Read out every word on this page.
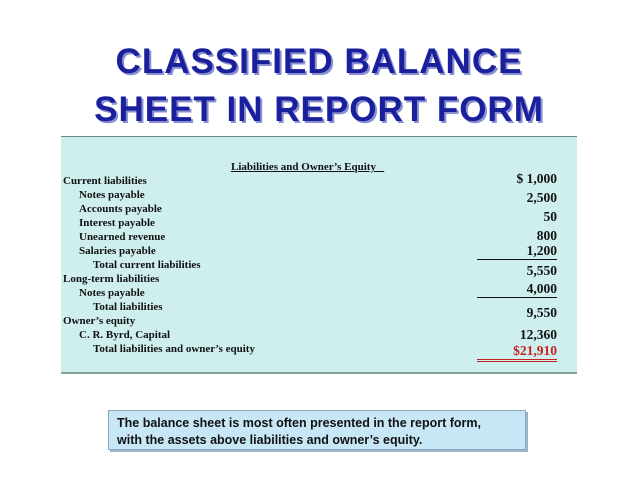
CLASSIFIED BALANCE
SHEET IN REPORT FORM
Liabilities and Owner’s Equity
Current liabilities
Notes payable
Accounts payable
Interest payable
Unearned revenue
Salaries payable
Total current liabilities
Long-term liabilities
Notes payable
Total liabilities
Owner’s equity
C. R. Byrd, Capital
Total liabilities and owner’s equity
$ 1,000
2,500
50
800
1,200
5,550
4,000
9,550
12,360
$21,910
The balance sheet is most often presented in the report form,
with the assets above liabilities and owner’s equity.
